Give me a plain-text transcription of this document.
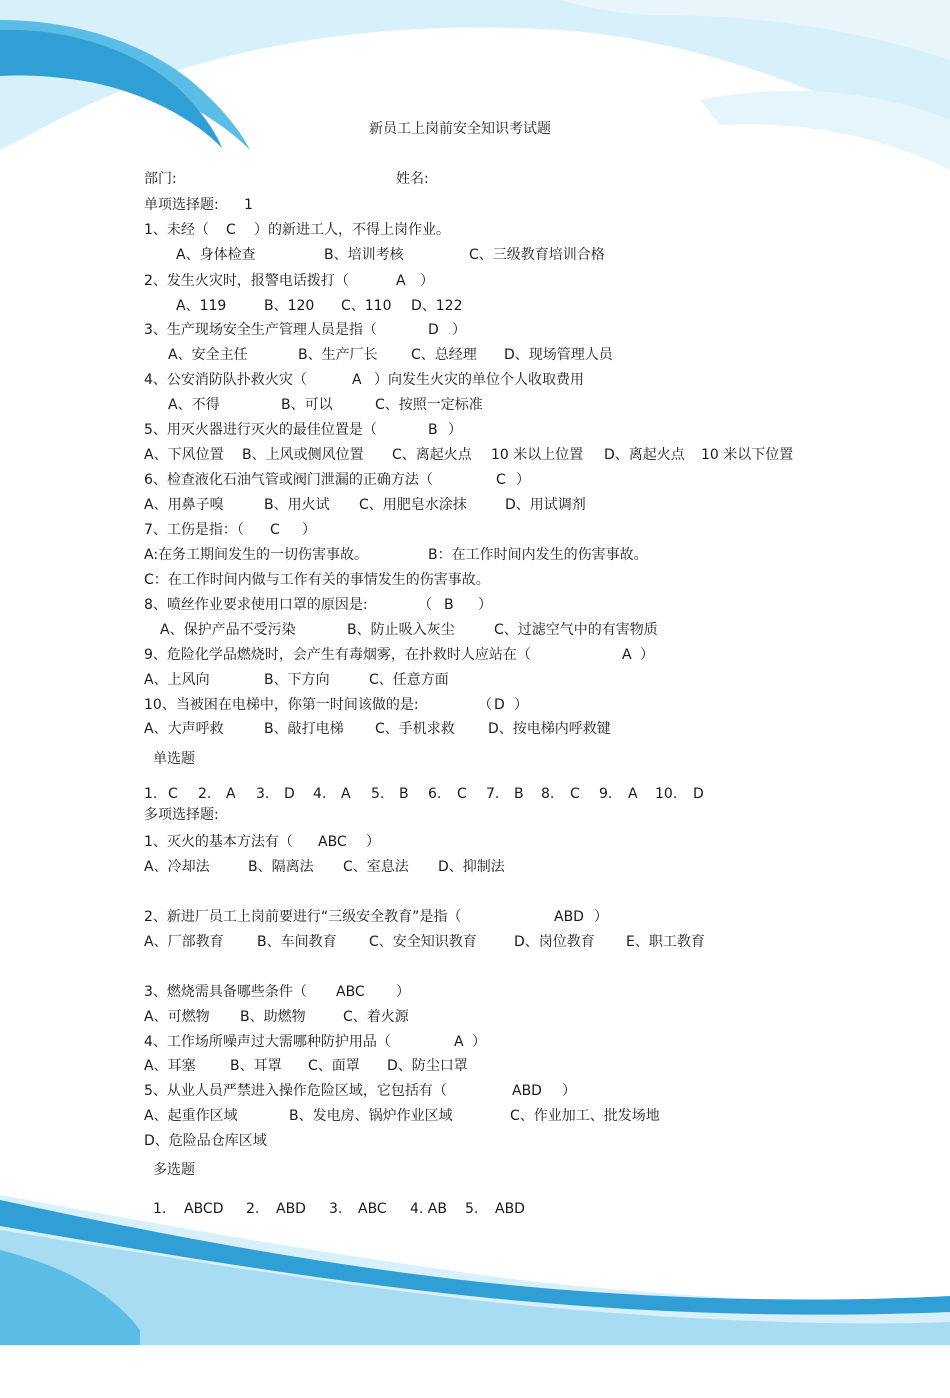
新员工上岗前安全知识考试题
部门:	姓名:

单项选择题:

1

1、未经（

C

）的新进工人，不得上岗作业。

A、身体检查

	B、培训考核

	C、三级教育培训合格

2、发生火灾时，报警电话拨打（

	A

）

A、119

	B、120

C、110

D、122

3、生产现场安全生产管理人员是指（

	D

）

A、安全主任

	B、生产厂长

C、总经理

D、现场管理人员

4、公安消防队扑救火灾（

	A

）向发生火灾的单位个人收取费用

A、不得

	B、可以

	C、按照一定标准

5、用灭火器进行灭火的最佳位置是（

	B

）

A、下风位置

B、上风或侧风位置

C、离起火点

10 米以上位置

D、离起火点

10 米以下位置

6、检查液化石油气管或阀门泄漏的正确方法（

	C

）

A、用鼻子嗅

	B、用火试

C、用肥皂水涂抹

	D、用试调剂

7、工伤是指：（

C

）

A:在务工期间发生的一切伤害事故。

	B：在工作时间内发生的伤害事故。

C：在工作时间内做与工作有关的事情发生的伤害事故。

8、喷丝作业要求使用口罩的原因是:

	（

B

）

A、保护产品不受污染

	B、防止吸入灰尘

	C、过滤空气中的有害物质

9、危险化学品燃烧时，会产生有毒烟雾，在扑救时人应站在（

	A

）

A、上风向

	B、下方向

	C、任意方面

10、当被困在电梯中，你第一时间该做的是:

	（

D

）

A、大声呼救

	B、敲打电梯

C、手机求救

D、按电梯内呼救键

单选题

1.

C

2.

A

3.

D

4.

A

5.

B

6.

C

7.

B

8.

C

9.

A

10.

D

多项选择题:

1、灭火的基本方法有（

ABC

）

A、冷却法

	B、隔离法

C、室息法

D、抑制法

2、新进厂员工上岗前要进行“三级安全教育”是指（

	ABD

）

A、厂部教育

B、车间教育

C、安全知识教育

	D、岗位教育

E、职工教育

3、燃烧需具备哪些条件（

ABC

）

A、可燃物

B、助燃物

	C、着火源

4、工作场所噪声过大需哪种防护用品（

	A

）

A、耳塞

B、耳罩

C、面罩

D、防尘口罩

5、从业人员严禁进入操作危险区域，它包括有（

	ABD

）

A、起重作区域

	B、发电房、锅炉作业区域

	C、作业加工、批发场地

D、危险品仓库区域
多选题

1.

ABCD

2.

ABD

3.

ABC

4. AB

5.

ABD
